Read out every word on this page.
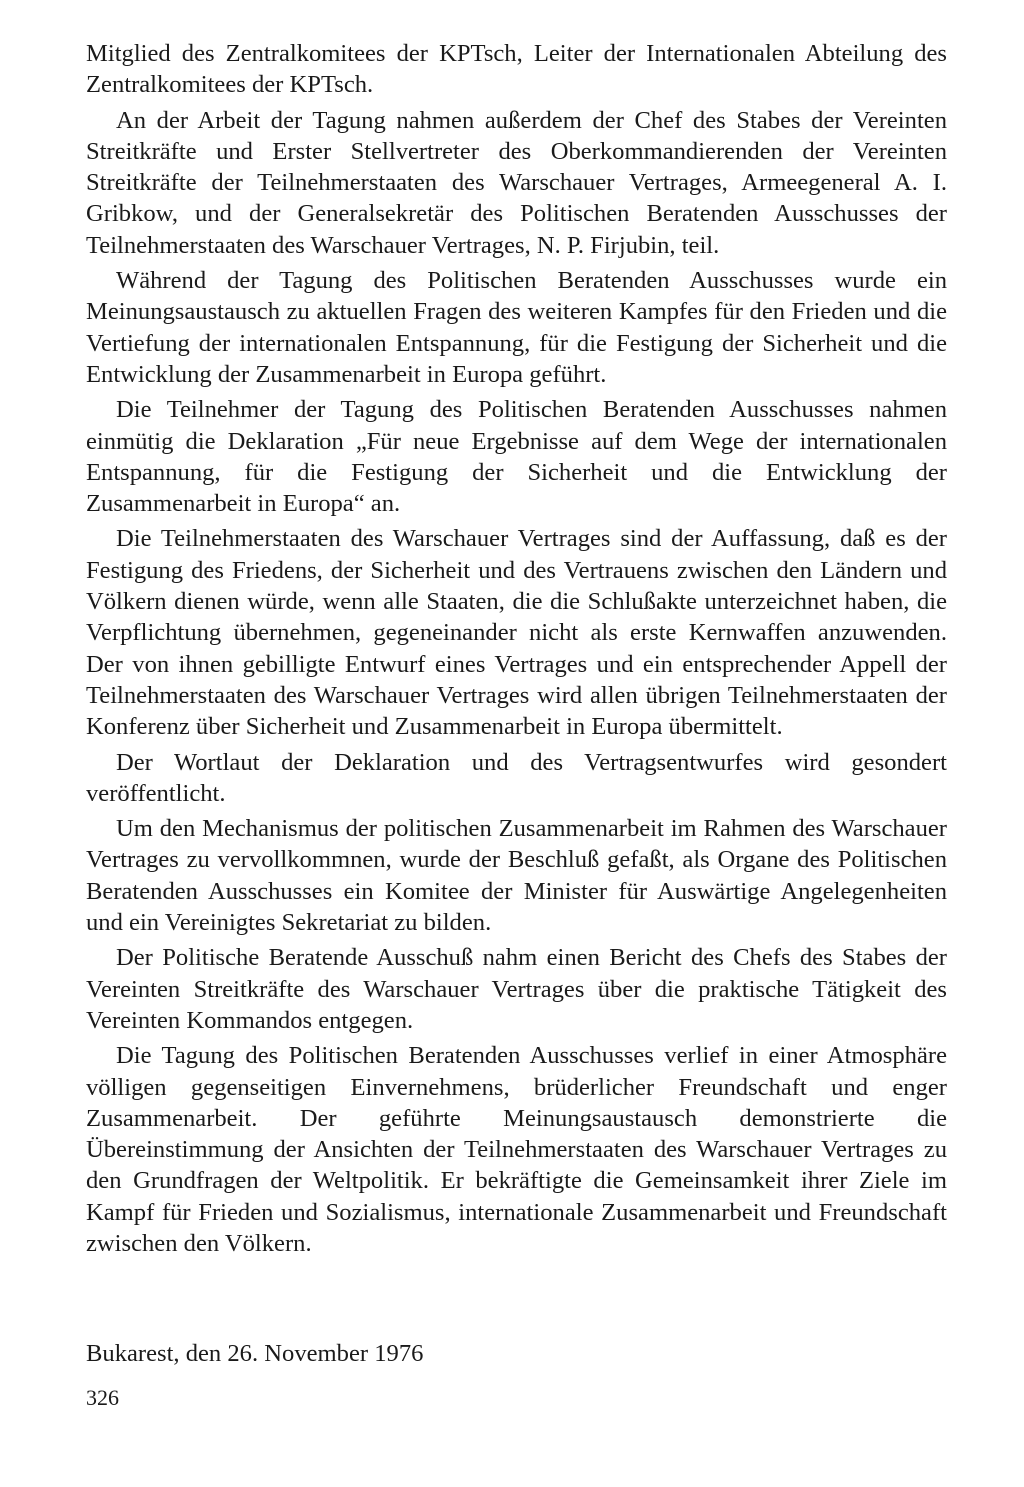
Mitglied des Zentralkomitees der KPTsch, Leiter der Internationalen Abteilung des Zentralkomitees der KPTsch.

An der Arbeit der Tagung nahmen außerdem der Chef des Stabes der Vereinten Streitkräfte und Erster Stellvertreter des Oberkommandierenden der Vereinten Streitkräfte der Teilnehmerstaaten des Warschauer Vertrages, Armeegeneral A. I. Gribkow, und der Generalsekretär des Politischen Beratenden Ausschusses der Teilnehmerstaaten des Warschauer Vertrages, N. P. Firjubin, teil.

Während der Tagung des Politischen Beratenden Ausschusses wurde ein Meinungsaustausch zu aktuellen Fragen des weiteren Kampfes für den Frieden und die Vertiefung der internationalen Entspannung, für die Festigung der Sicherheit und die Entwicklung der Zusammenarbeit in Europa geführt.

Die Teilnehmer der Tagung des Politischen Beratenden Ausschusses nahmen einmütig die Deklaration „Für neue Ergebnisse auf dem Wege der internationalen Entspannung, für die Festigung der Sicherheit und die Entwicklung der Zusammenarbeit in Europa“ an.

Die Teilnehmerstaaten des Warschauer Vertrages sind der Auffassung, daß es der Festigung des Friedens, der Sicherheit und des Vertrauens zwischen den Ländern und Völkern dienen würde, wenn alle Staaten, die die Schlußakte unterzeichnet haben, die Verpflichtung übernehmen, gegeneinander nicht als erste Kernwaffen anzuwenden. Der von ihnen gebilligte Entwurf eines Vertrages und ein entsprechender Appell der Teilnehmerstaaten des Warschauer Vertrages wird allen übrigen Teilnehmerstaaten der Konferenz über Sicherheit und Zusammenarbeit in Europa übermittelt.

Der Wortlaut der Deklaration und des Vertragsentwurfes wird gesondert veröffentlicht.

Um den Mechanismus der politischen Zusammenarbeit im Rahmen des Warschauer Vertrages zu vervollkommnen, wurde der Beschluß gefaßt, als Organe des Politischen Beratenden Ausschusses ein Komitee der Minister für Auswärtige Angelegenheiten und ein Vereinigtes Sekretariat zu bilden.

Der Politische Beratende Ausschuß nahm einen Bericht des Chefs des Stabes der Vereinten Streitkräfte des Warschauer Vertrages über die praktische Tätigkeit des Vereinten Kommandos entgegen.

Die Tagung des Politischen Beratenden Ausschusses verlief in einer Atmosphäre völligen gegenseitigen Einvernehmens, brüderlicher Freundschaft und enger Zusammenarbeit. Der geführte Meinungsaustausch demonstrierte die Übereinstimmung der Ansichten der Teilnehmerstaaten des Warschauer Vertrages zu den Grundfragen der Weltpolitik. Er bekräftigte die Gemeinsamkeit ihrer Ziele im Kampf für Frieden und Sozialismus, internationale Zusammenarbeit und Freundschaft zwischen den Völkern.

Bukarest, den 26. November 1976

326
